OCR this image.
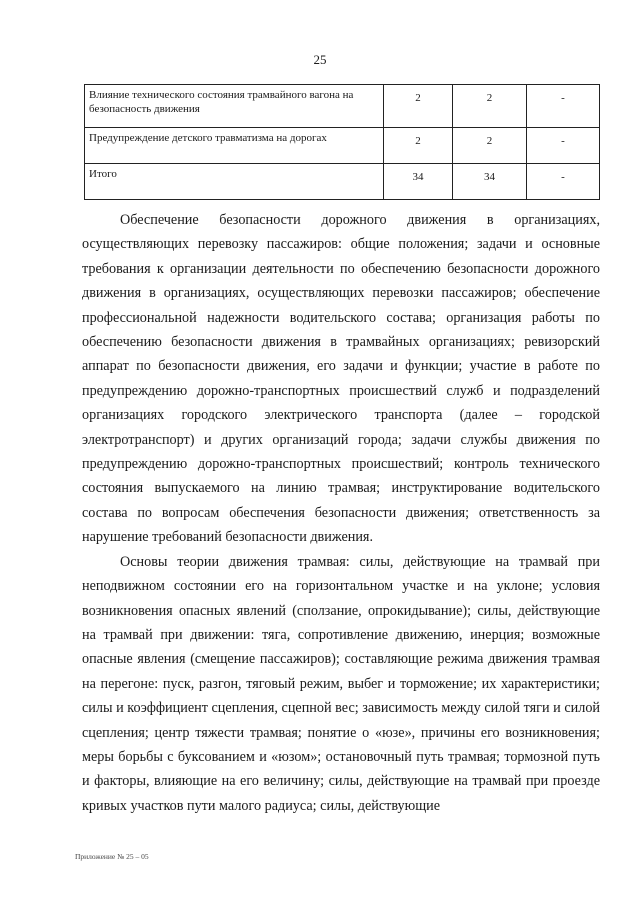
25
Влияние технического состояния трамвайного вагона на безопасность движения	2	2	-
Предупреждение детского травматизма на дорогах	2	2	-
Итого	34	34	-

Обеспечение безопасности дорожного движения в организациях, осуществляющих перевозку пассажиров: общие положения; задачи и основные требования к организации деятельности по обеспечению безопасности дорожного движения в организациях, осуществляющих перевозки пассажиров; обеспечение профессиональной надежности водительского состава; организация работы по обеспечению безопасности движения в трамвайных организациях; ревизорский аппарат по безопасности движения, его задачи и функции; участие в работе по предупреждению дорожно-транспортных происшествий служб и подразделений организациях городского электрического транспорта (далее – городской электротранспорт) и других организаций города; задачи службы движения по предупреждению дорожно-транспортных происшествий; контроль технического состояния выпускаемого на линию трамвая; инструктирование водительского состава по вопросам обеспечения безопасности движения; ответственность за нарушение требований безопасности движения.

Основы теории движения трамвая: силы, действующие на трамвай при неподвижном состоянии его на горизонтальном участке и на уклоне; условия возникновения опасных явлений (сползание, опрокидывание); силы, действующие на трамвай при движении: тяга, сопротивление движению, инерция; возможные опасные явления (смещение пассажиров); составляющие режима движения трамвая на перегоне: пуск, разгон, тяговый режим, выбег и торможение; их характеристики; силы и коэффициент сцепления, сцепной вес; зависимость между силой тяги и силой сцепления; центр тяжести трамвая; понятие о «юзе», причины его возникновения; меры борьбы с буксованием и «юзом»; остановочный путь трамвая; тормозной путь и факторы, влияющие на его величину; силы, действующие на трамвай при проезде кривых участков пути малого радиуса; силы, действующие

Приложение № 25 – 05
